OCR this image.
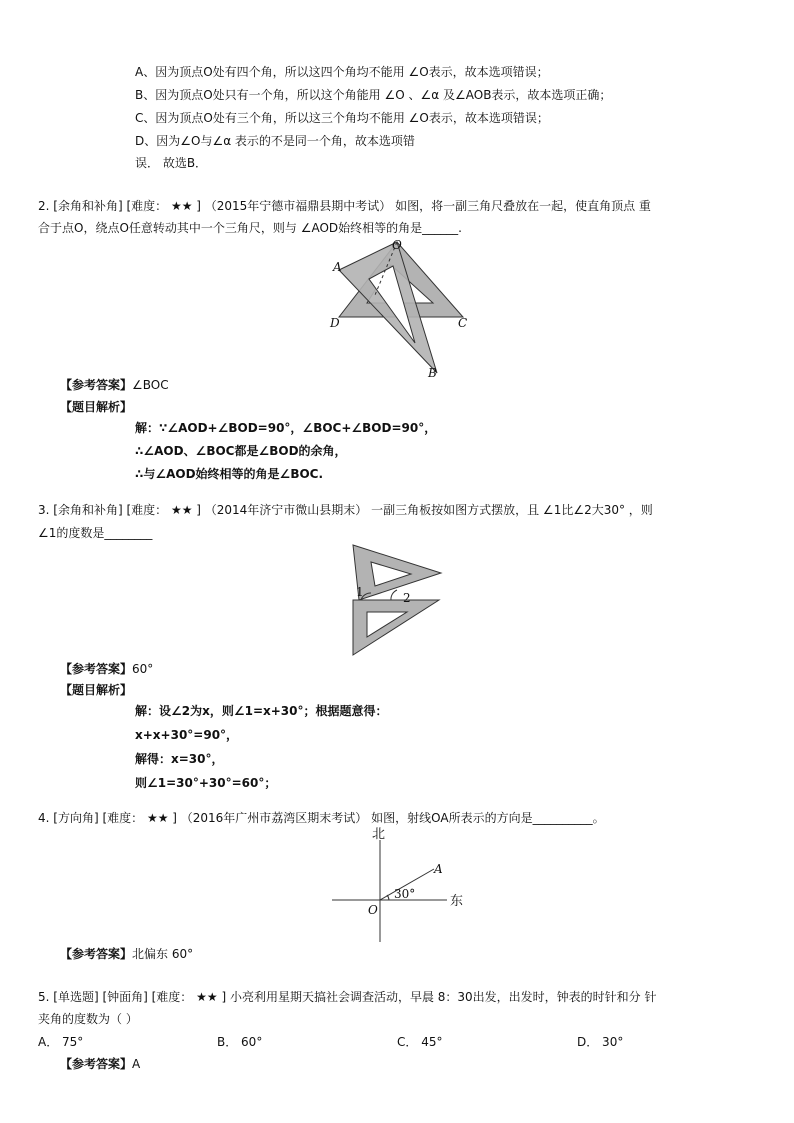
A、因为顶点O处有四个角，所以这四个角均不能用 ∠O表示，故本选项错误；
B、因为顶点O处只有一个角，所以这个角能用 ∠O 、∠α 及∠AOB表示，故本选项正确；
C、因为顶点O处有三个角，所以这三个角均不能用 ∠O表示，故本选项错误；
D、因为∠O与∠α 表示的不是同一个角，故本选项错
误． 故选B．
2. [余角和补角] [难度： ★★ ] （2015年宁德市福鼎县期中考试） 如图，将一副三角尺叠放在一起，使直角顶点 重
合于点O，绕点O任意转动其中一个三角尺，则与 ∠AOD始终相等的角是______.
O
A
D	C
B
【参考答案】∠BOC
【题目解析】
解：∵∠AOD+∠BOD=90°，∠BOC+∠BOD=90°，
∴∠AOD、∠BOC都是∠BOD的余角，
∴与∠AOD始终相等的角是∠BOC.
3. [余角和补角] [难度： ★★ ] （2014年济宁市微山县期末） 一副三角板按如图方式摆放，且 ∠1比∠2大30° ，则
∠1的度数是________
1	2
【参考答案】60°
【题目解析】
解：设∠2为x，则∠1=x+30°；根据题意得：
x+x+30°=90°，
解得：x=30°，
则∠1=30°+30°=60°；
4. [方向角] [难度： ★★ ] （2016年广州市荔湾区期末考试） 如图，射线OA所表示的方向是__________。
北
东
A
O
30°
【参考答案】北偏东 60°
5. [单选题] [钟面角] [难度： ★★ ] 小亮利用星期天搞社会调查活动，早晨 8：30出发，出发时，钟表的时针和分 针
夹角的度数为（ ）
A． 75°	B． 60°	C． 45°	D． 30°
【参考答案】A
